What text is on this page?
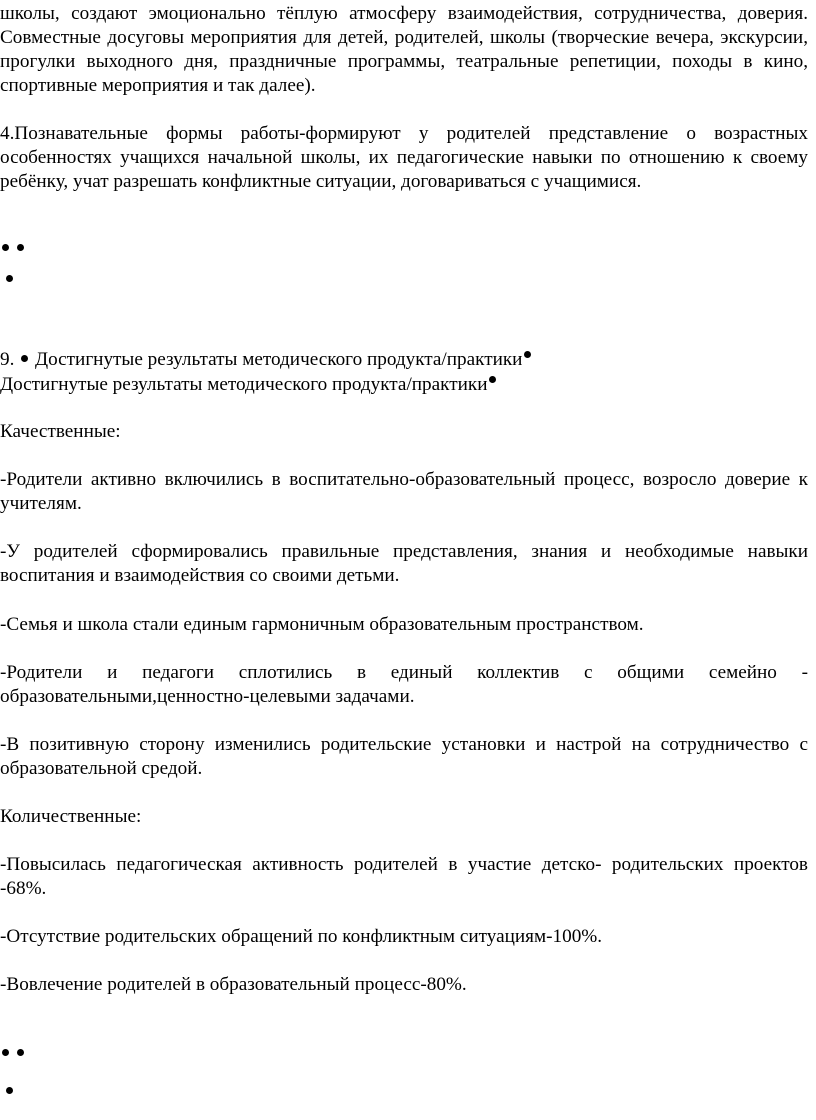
школы, создают эмоционально тёплую атмосферу взаимодействия, сотрудничества, доверия. Совместные досуговы мероприятия для детей, родителей, школы (творческие вечера, экскурсии, прогулки выходного дня, праздничные программы, театральные репетиции, походы в кино, спортивные мероприятия и так далее).

4.Познавательные формы работы-формируют у родителей представление о возрастных особенностях учащихся начальной школы, их педагогические навыки по отношению к своему ребёнку, учат разрешать конфликтные ситуации, договариваться с учащимися.

9. Достигнутые результаты методического продукта/практики

Достигнутые результаты методического продукта/практики

Качественные:

-Родители активно включились в воспитательно-образовательный процесс, возросло доверие к учителям.

-У родителей сформировались правильные представления, знания и необходимые навыки воспитания и взаимодействия со своими детьми.

-Семья и школа стали единым гармоничным образовательным пространством.

-Родители и педагоги сплотились в единый коллектив с общими семейно - образовательными,ценностно-целевыми задачами.

-В позитивную сторону изменились родительские установки и настрой на сотрудничество с образовательной средой.

Количественные:

-Повысилась педагогическая активность родителей в участие детско- родительских проектов -68%.

-Отсутствие родительских обращений по конфликтным ситуациям-100%.

-Вовлечение родителей в образовательный процесс-80%.
